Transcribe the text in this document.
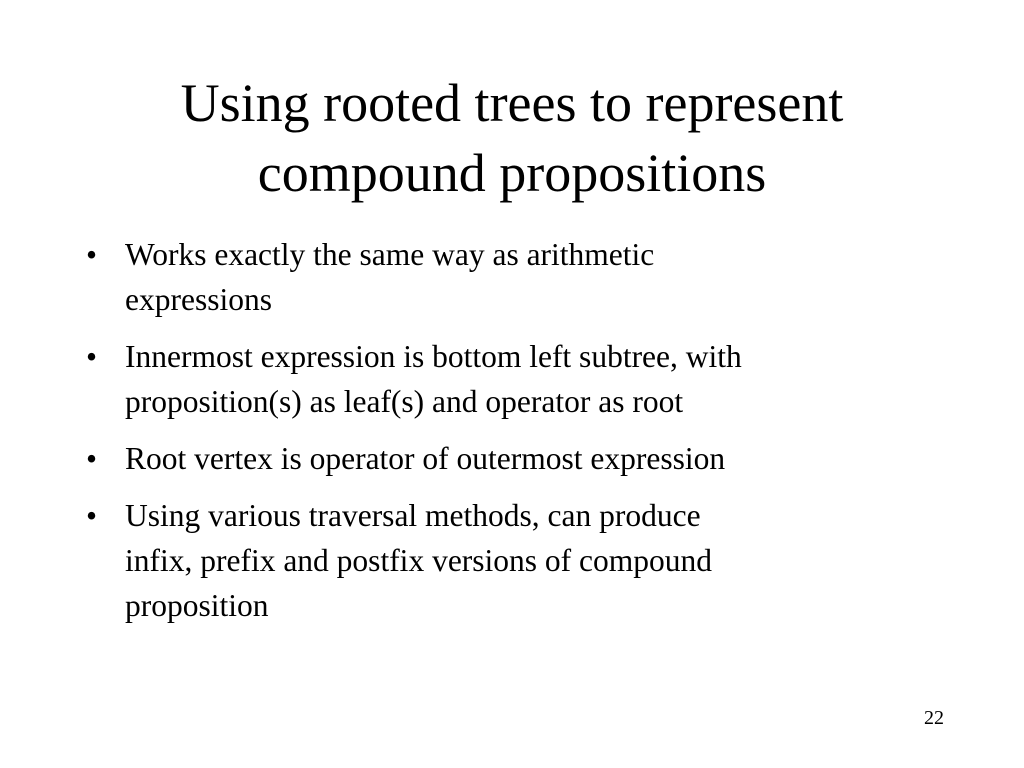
Using rooted trees to represent
compound propositions
• Works exactly the same way as arithmetic
expressions
• Innermost expression is bottom left subtree, with
proposition(s) as leaf(s) and operator as root
• Root vertex is operator of outermost expression
• Using various traversal methods, can produce
infix, prefix and postfix versions of compound
proposition
22
